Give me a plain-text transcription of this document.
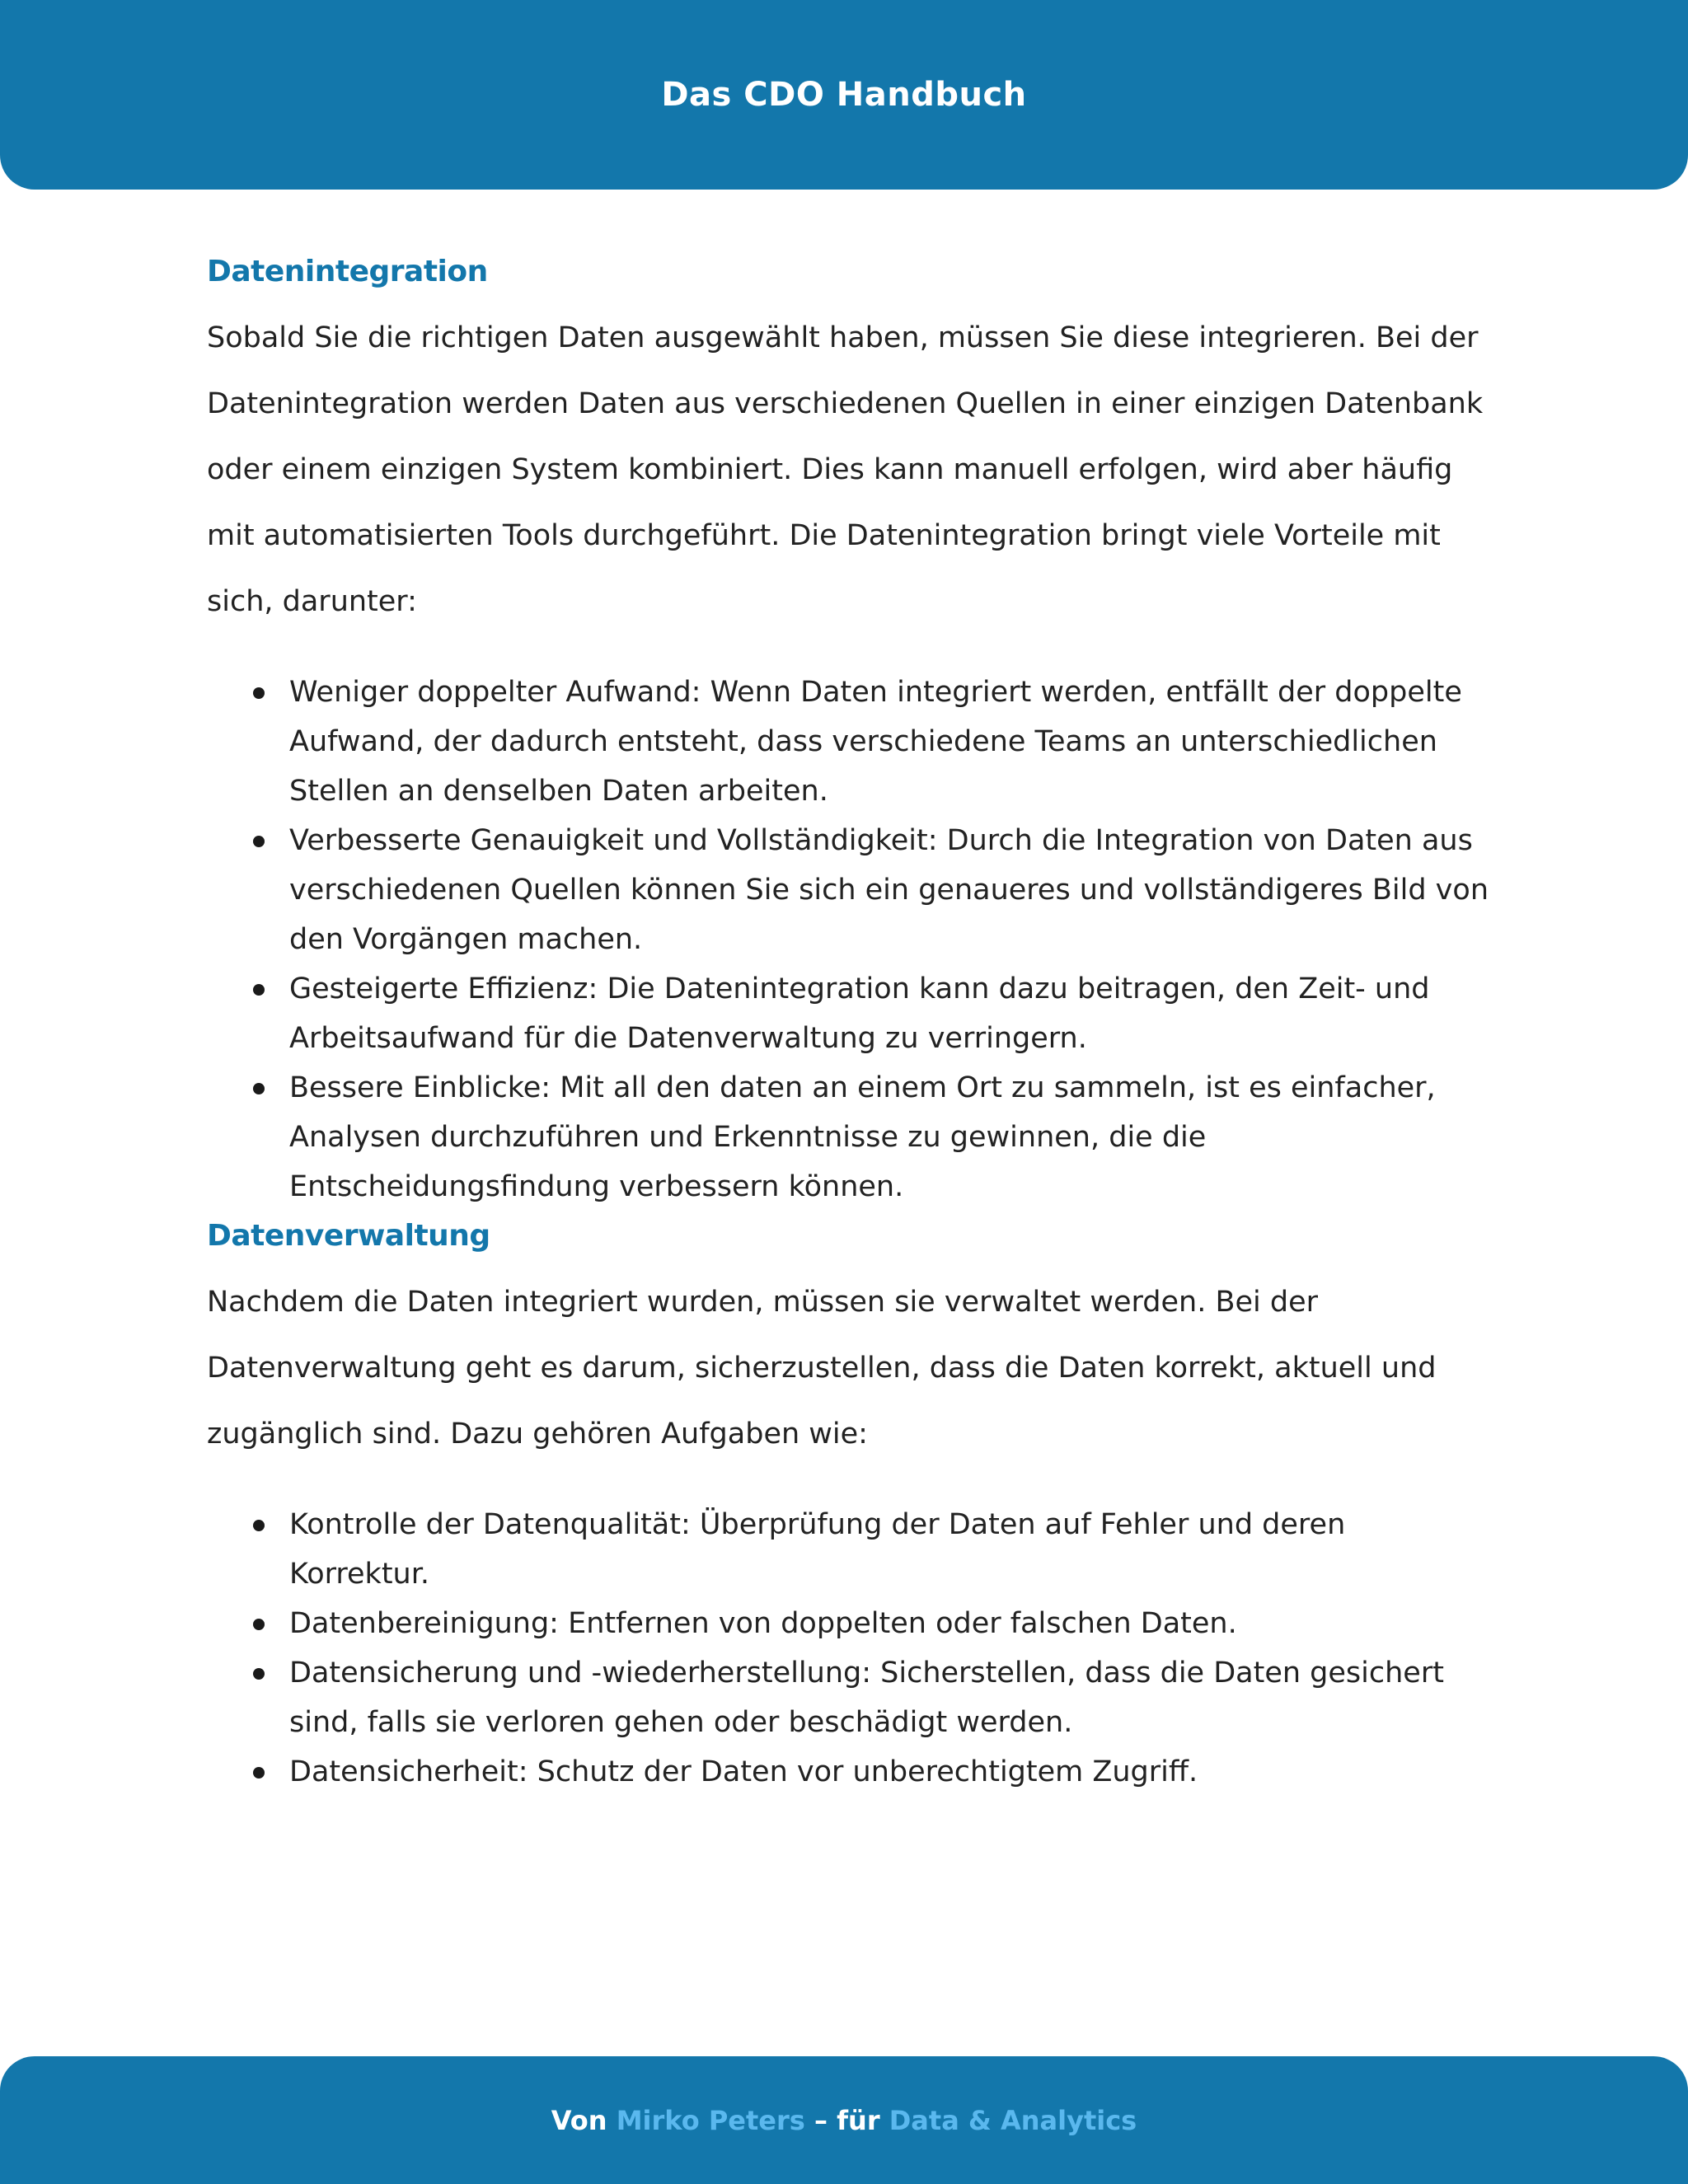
Das CDO Handbuch
Datenintegration

Sobald Sie die richtigen Daten ausgewählt haben, müssen Sie diese integrieren. Bei der Datenintegration werden Daten aus verschiedenen Quellen in einer einzigen Datenbank oder einem einzigen System kombiniert. Dies kann manuell erfolgen, wird aber häufig mit automatisierten Tools durchgeführt. Die Datenintegration bringt viele Vorteile mit sich, darunter:

Weniger doppelter Aufwand: Wenn Daten integriert werden, entfällt der doppelte Aufwand, der dadurch entsteht, dass verschiedene Teams an unterschiedlichen Stellen an denselben Daten arbeiten.
Verbesserte Genauigkeit und Vollständigkeit: Durch die Integration von Daten aus verschiedenen Quellen können Sie sich ein genaueres und vollständigeres Bild von den Vorgängen machen.
Gesteigerte Effizienz: Die Datenintegration kann dazu beitragen, den Zeit- und Arbeitsaufwand für die Datenverwaltung zu verringern.
Bessere Einblicke: Mit all den daten an einem Ort zu sammeln, ist es einfacher, Analysen durchzuführen und Erkenntnisse zu gewinnen, die die Entscheidungsfindung verbessern können.
Datenverwaltung

Nachdem die Daten integriert wurden, müssen sie verwaltet werden. Bei der Datenverwaltung geht es darum, sicherzustellen, dass die Daten korrekt, aktuell und zugänglich sind. Dazu gehören Aufgaben wie:

Kontrolle der Datenqualität: Überprüfung der Daten auf Fehler und deren Korrektur.
Datenbereinigung: Entfernen von doppelten oder falschen Daten.
Datensicherung und -wiederherstellung: Sicherstellen, dass die Daten gesichert sind, falls sie verloren gehen oder beschädigt werden.
Datensicherheit: Schutz der Daten vor unberechtigtem Zugriff.
Von
Mirko Peters
– für
Data & Analytics
